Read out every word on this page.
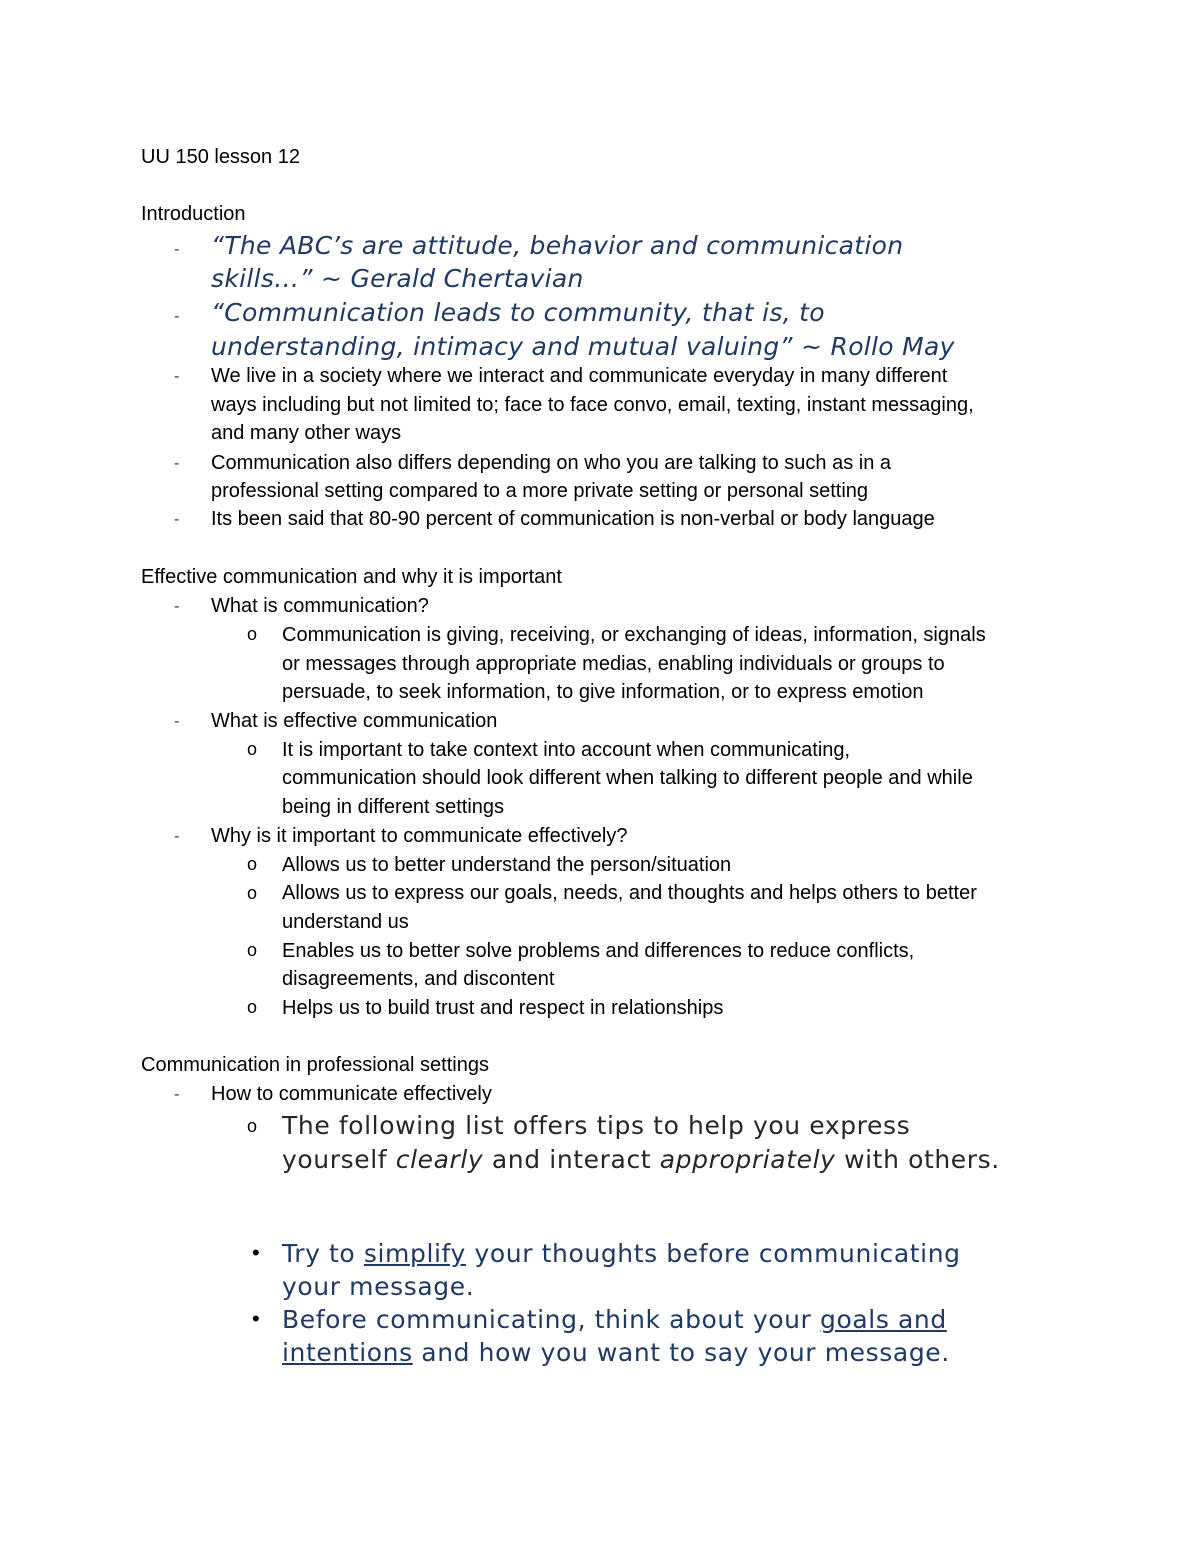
UU 150 lesson 12
Introduction
- “The ABC’s are attitude, behavior and communication
skills…” ~ Gerald Chertavian
- “Communication leads to community, that is, to
understanding, intimacy and mutual valuing” ~ Rollo May
- We live in a society where we interact and communicate everyday in many different
ways including but not limited to; face to face convo, email, texting, instant messaging,
and many other ways
- Communication also differs depending on who you are talking to such as in a
professional setting compared to a more private setting or personal setting
- Its been said that 80-90 percent of communication is non-verbal or body language
Effective communication and why it is important
- What is communication?
o Communication is giving, receiving, or exchanging of ideas, information, signals
or messages through appropriate medias, enabling individuals or groups to
persuade, to seek information, to give information, or to express emotion
- What is effective communication
o It is important to take context into account when communicating,
communication should look different when talking to different people and while
being in different settings
- Why is it important to communicate effectively?
o Allows us to better understand the person/situation
o Allows us to express our goals, needs, and thoughts and helps others to better
understand us
o Enables us to better solve problems and differences to reduce conflicts,
disagreements, and discontent
o Helps us to build trust and respect in relationships
Communication in professional settings
- How to communicate effectively
o The following list offers tips to help you express
yourself clearly and interact appropriately with others.
• Try to simplify your thoughts before communicating
your message.
• Before communicating, think about your goals and
intentions and how you want to say your message.
